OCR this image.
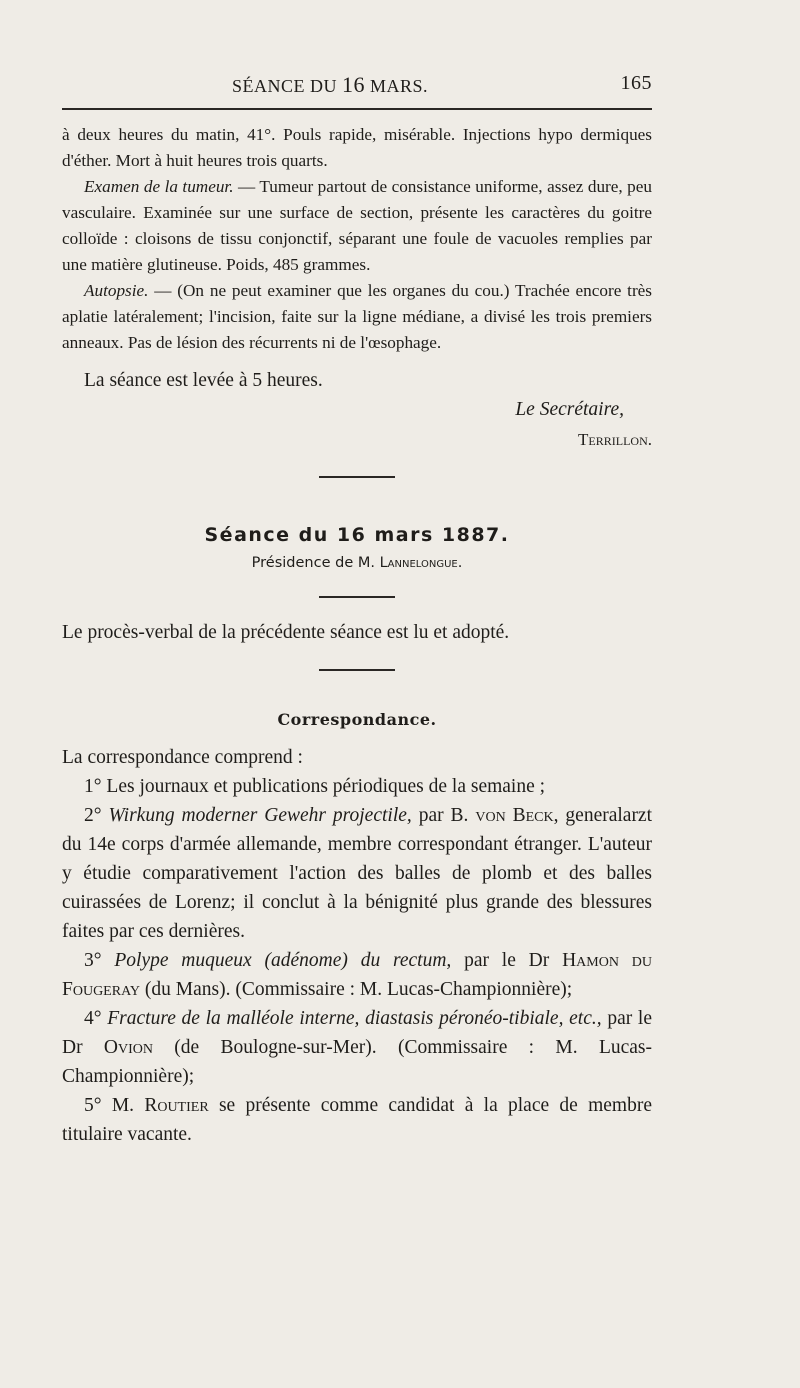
SÉANCE DU 16 MARS.	165

à deux heures du matin, 41°. Pouls rapide, misérable. Injections hypo dermiques d'éther. Mort à huit heures trois quarts.

Examen de la tumeur. — Tumeur partout de consistance uniforme, assez dure, peu vasculaire. Examinée sur une surface de section, présente les caractères du goitre colloïde : cloisons de tissu conjonctif, séparant une foule de vacuoles remplies par une matière glutineuse. Poids, 485 grammes.

Autopsie. — (On ne peut examiner que les organes du cou.) Trachée encore très aplatie latéralement; l'incision, faite sur la ligne médiane, a divisé les trois premiers anneaux. Pas de lésion des récurrents ni de l'œsophage.

La séance est levée à 5 heures.

Le Secrétaire,

Terrillon.

Séance du 16 mars 1887.

Présidence de M. Lannelongue.

Le procès-verbal de la précédente séance est lu et adopté.

Correspondance.

La correspondance comprend :

1° Les journaux et publications périodiques de la semaine ;

2° Wirkung moderner Gewehr projectile, par B. von Beck, generalarzt du 14e corps d'armée allemande, membre correspondant étranger. L'auteur y étudie comparativement l'action des balles de plomb et des balles cuirassées de Lorenz; il conclut à la bénignité plus grande des blessures faites par ces dernières.

3° Polype muqueux (adénome) du rectum, par le Dr Hamon du Fougeray (du Mans). (Commissaire : M. Lucas-Championnière);

4° Fracture de la malléole interne, diastasis péronéo-tibiale, etc., par le Dr Ovion (de Boulogne-sur-Mer). (Commissaire : M. Lucas-Championnière);

5° M. Routier se présente comme candidat à la place de membre titulaire vacante.
